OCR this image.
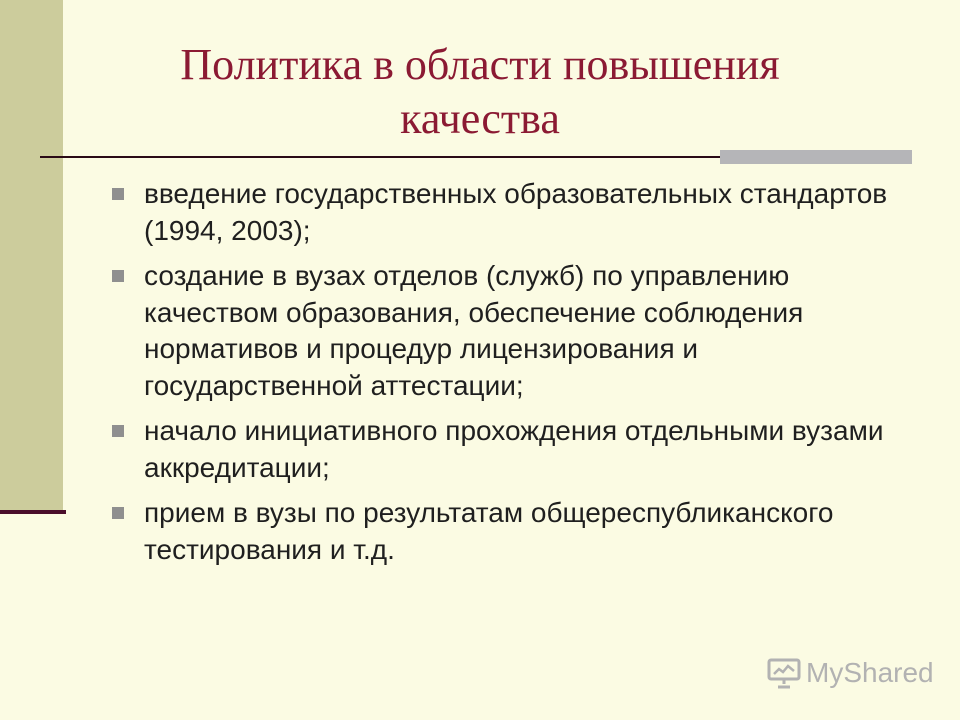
Политика в области повышения
качества
введение государственных образовательных стандартов (1994, 2003);
создание в вузах отделов (служб) по управлению качеством образования, обеспечение соблюдения нормативов и процедур лицензирования и государственной аттестации;
начало инициативного прохождения отдельными вузами аккредитации;
прием в вузы по результатам общереспубликанского тестирования и т.д.
MyShared
